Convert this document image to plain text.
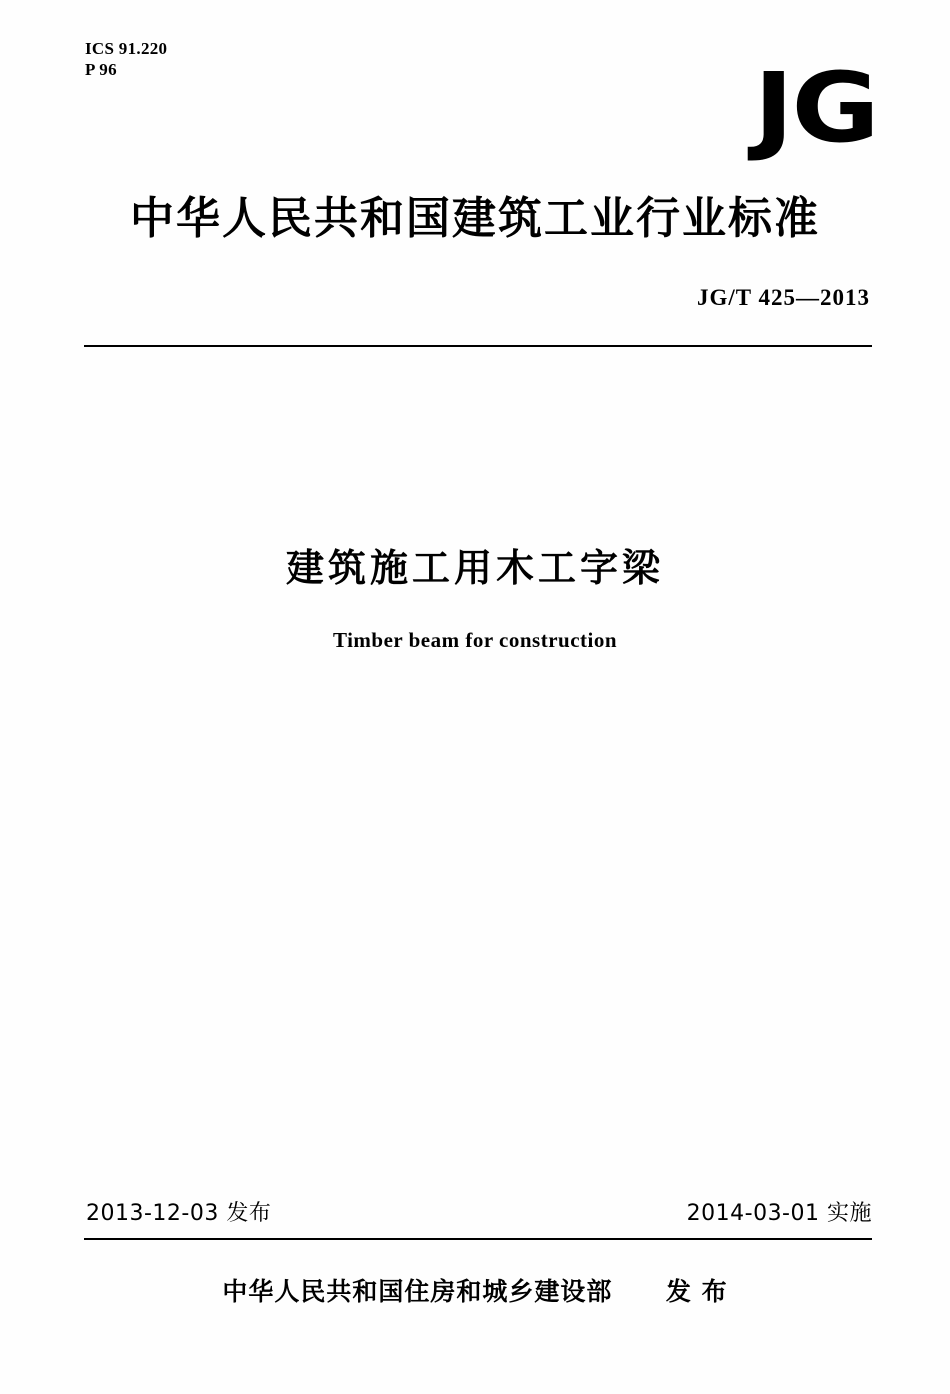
ICS 91.220
P 96	JG
中华人民共和国建筑工业行业标准
JG/T 425—2013
建筑施工用木工字梁
Timber beam for construction
2013-12-03 发布	2014-03-01 实施
中华人民共和国住房和城乡建设部 发 布
